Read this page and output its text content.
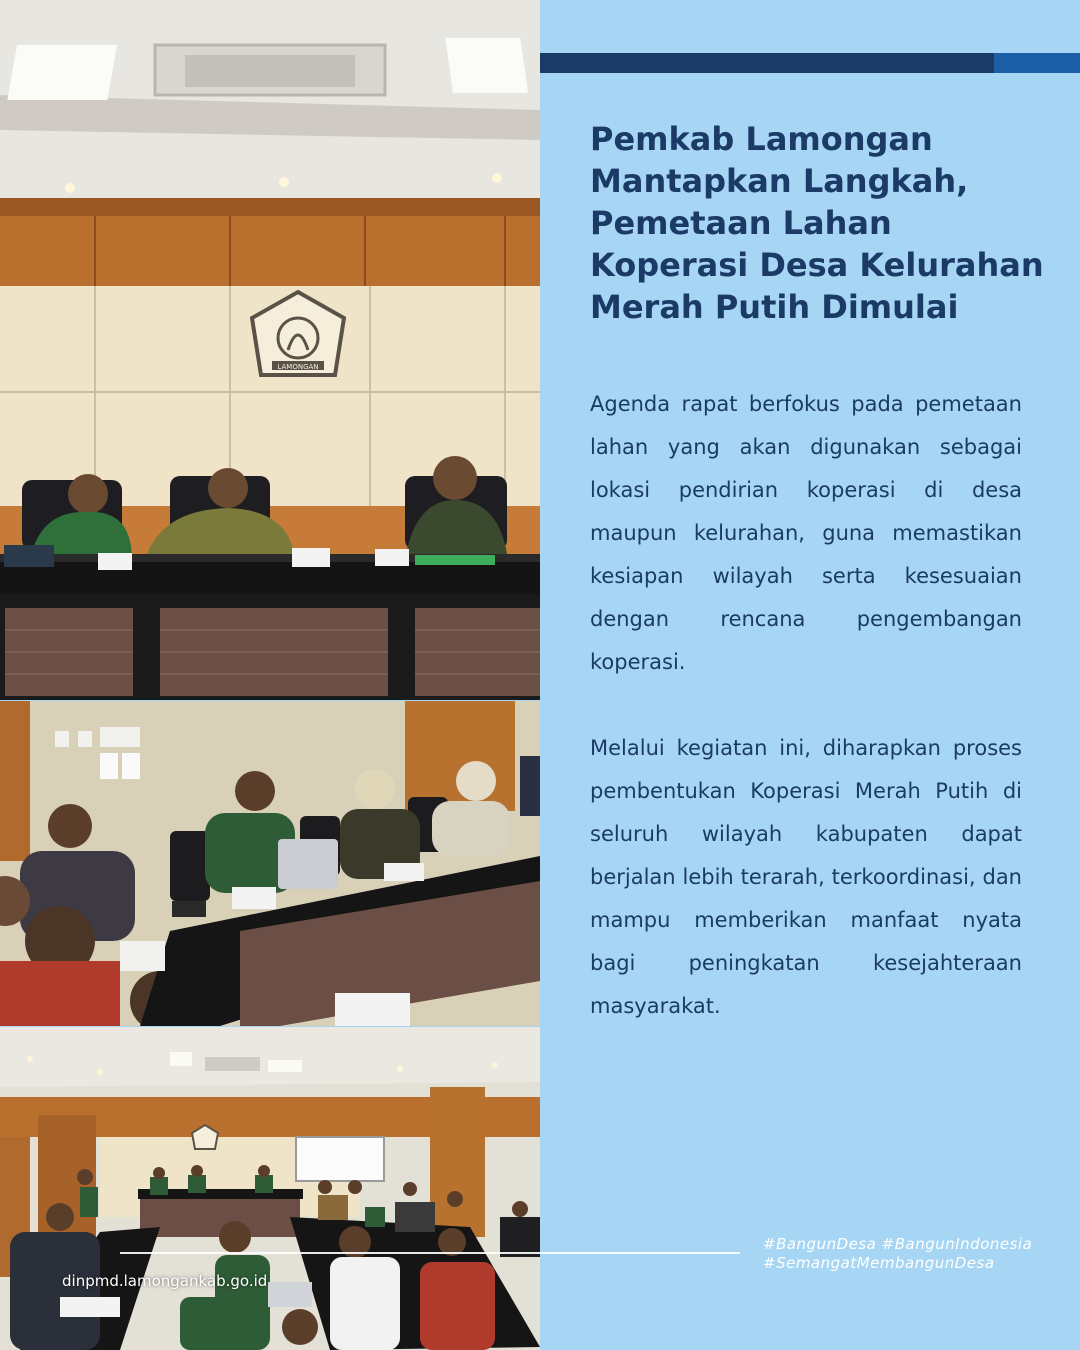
LAMONGAN
dinpmd.lamongankab.go.id
Pemkab Lamongan
Mantapkan Langkah,
Pemetaan Lahan
Koperasi Desa Kelurahan
Merah Putih Dimulai

Agenda rapat berfokus pada pemetaan lahan yang akan digunakan sebagai lokasi pendirian koperasi di desa maupun kelurahan, guna memastikan kesiapan wilayah serta kesesuaian dengan rencana pengembangan koperasi.

Melalui kegiatan ini, diharapkan proses pembentukan Koperasi Merah Putih di seluruh wilayah kabupaten dapat berjalan lebih terarah, terkoordinasi, dan mampu memberikan manfaat nyata bagi peningkatan kesejahteraan masyarakat.

#BangunDesa #BangunIndonesia
#SemangatMembangunDesa
